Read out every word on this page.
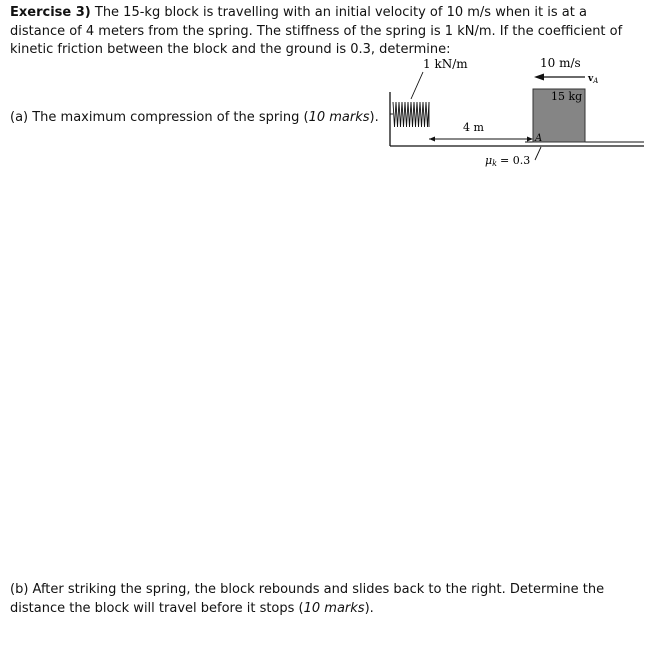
Exercise 3) The 15-kg block is travelling with an initial velocity of 10 m/s when it is at a distance of 4 meters from the spring. The stiffness of the spring is 1 kN/m. If the coefficient of kinetic friction between the block and the ground is 0.3, determine:
(a) The maximum compression of the spring (10 marks).
1 kN/m
15 kg
10 m/s
$v_A$
4 m
A
μk = 0.3
(b) After striking the spring, the block rebounds and slides back to the right. Determine the distance the block will travel before it stops (10 marks).
